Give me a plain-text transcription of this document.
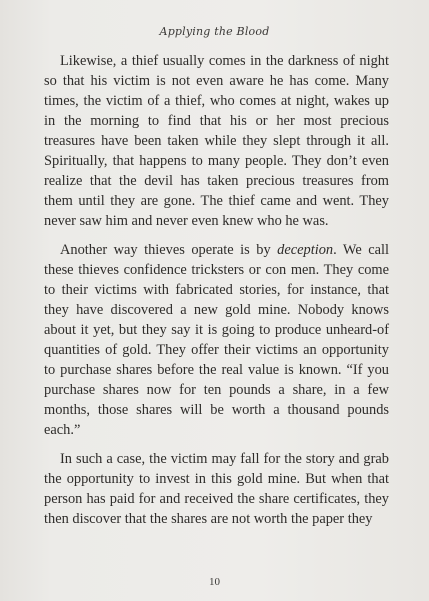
Applying the Blood

Likewise, a thief usually comes in the darkness of night so that his victim is not even aware he has come. Many times, the victim of a thief, who comes at night, wakes up in the morning to find that his or her most precious treasures have been taken while they slept through it all. Spiritually, that happens to many people. They don’t even realize that the devil has taken precious treasures from them until they are gone. The thief came and went. They never saw him and never even knew who he was.

Another way thieves operate is by deception. We call these thieves confidence tricksters or con men. They come to their victims with fabricated stories, for instance, that they have discovered a new gold mine. Nobody knows about it yet, but they say it is going to produce unheard-of quantities of gold. They offer their victims an opportunity to purchase shares before the real value is known. “If you purchase shares now for ten pounds a share, in a few months, those shares will be worth a thousand pounds each.”

In such a case, the victim may fall for the story and grab the opportunity to invest in this gold mine. But when that person has paid for and received the share certificates, they then discover that the shares are not worth the paper they

10
